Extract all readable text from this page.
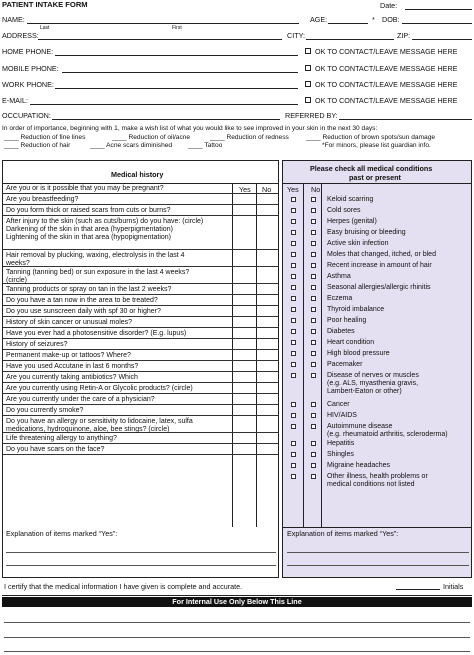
PATIENT INTAKE FORM	Date:
NAME:
Last	First
AGE:	* DOB:
ADDRESS:	CITY:	ZIP:
HOME PHONE:	OK TO CONTACT/LEAVE MESSAGE HERE
MOBILE PHONE:	OK TO CONTACT/LEAVE MESSAGE HERE
WORK PHONE:	OK TO CONTACT/LEAVE MESSAGE HERE
E-MAIL:	OK TO CONTACT/LEAVE MESSAGE HERE
OCCUPATION:	REFERRED BY:
In order of importance, beginning with 1, make a wish list of what you would like to see improved in your skin in the next 30 days:
____ Reduction of fine lines	____ Reduction of oil/acne	____ Reduction of redness	____ Reduction of brown spots/sun damage
____ Reduction of hair	____ Acne scars diminished ____ Tattoo	*For minors, please list guardian info.
Medical history
Yes No
Are you or is it possible that you may be pregnant?
Are you breastfeeding?
Do you form thick or raised scars from cuts or burns?
After injury to the skin (such as cuts/burns) do you have: (circle)
Darkening of the skin in that area (hyperpigmentation)
Lightening of the skin in that area (hypopigmentation)
Hair removal by plucking, waxing, electrolysis in the last 4
weeks?
Tanning (tanning bed) or sun exposure in the last 4 weeks?
(circle)
Tanning products or spray on tan in the last 2 weeks?
Do you have a tan now in the area to be treated?
Do you use sunscreen daily with spf 30 or higher?
History of skin cancer or unusual moles?
Have you ever had a photosensitive disorder? (E.g. lupus)
History of seizures?
Permanent make-up or tattoos? Where?
Have you used Accutane in last 6 months?
Are you currently taking antibiotics? Which
Are you currently using Retin-A or Glycolic products? (circle)
Are you currently under the care of a physician?
Do you currently smoke?
Do you have an allergy or sensitivity to lidocaine, latex, sulfa
medications, hydroquinone, aloe, bee stings? (circle)
Life threatening allergy to anything?
Do you have scars on the face?
Explanation of items marked “Yes”:
Please check all medical conditions
past or present
Yes No
Keloid scarring
Cold sores
Herpes (genital)
Easy bruising or bleeding
Active skin infection
Moles that changed, itched, or bled
Recent increase in amount of hair
Asthma
Seasonal allergies/allergic rhinitis
Eczema
Thyroid imbalance
Poor healing
Diabetes
Heart condition
High blood pressure
Pacemaker
Disease of nerves or muscles
(e.g. ALS, myasthenia gravis,
Lambert-Eaton or other)
Cancer
HIV/AIDS
Autoimmune disease
(e.g. rheumatoid arthritis, scleroderma)
Hepatitis
Shingles
Migraine headaches
Other illness, health problems or
medical conditions not listed
Explanation of items marked “Yes”:
I certify that the medical information I have given is complete and accurate.	Initials
For Internal Use Only Below This Line
